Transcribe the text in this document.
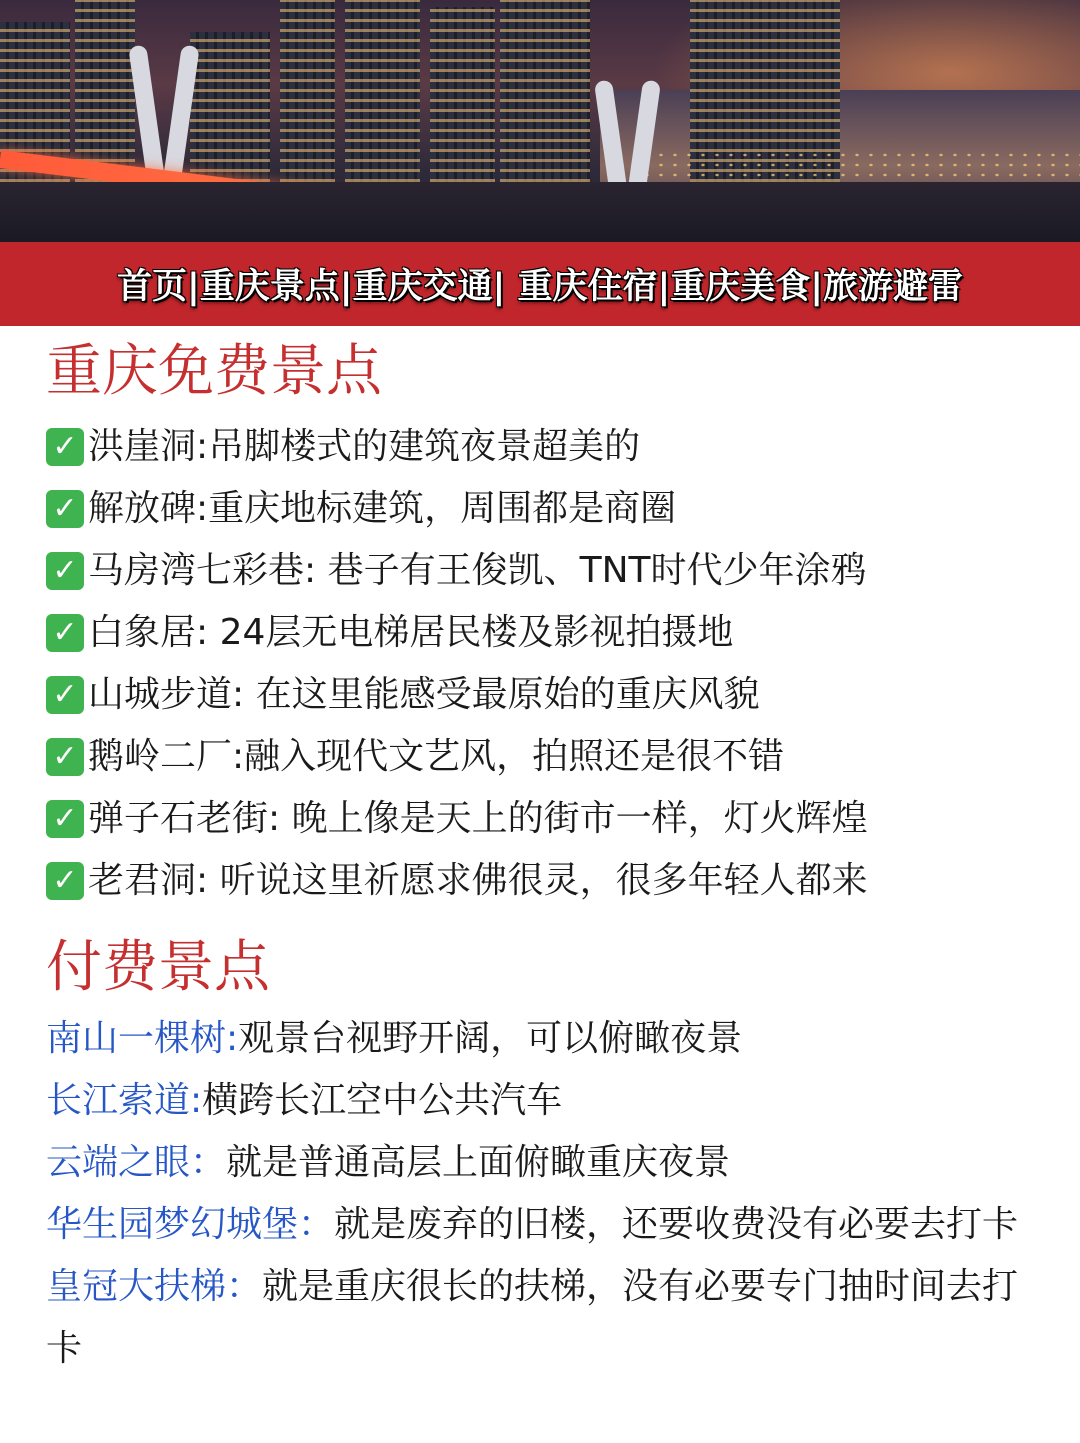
首页|重庆景点|重庆交通| 重庆住宿|重庆美食|旅游避雷
重庆免费景点
✓ 洪崖洞:吊脚楼式的建筑夜景超美的
✓ 解放碑:重庆地标建筑，周围都是商圈
✓ 马房湾七彩巷: 巷子有王俊凯、TNT时代少年涂鸦
✓ 白象居: 24层无电梯居民楼及影视拍摄地
✓ 山城步道: 在这里能感受最原始的重庆风貌
✓ 鹅岭二厂:融入现代文艺风，拍照还是很不错
✓ 弹子石老街: 晚上像是天上的街市一样，灯火辉煌
✓ 老君洞: 听说这里祈愿求佛很灵，很多年轻人都来
付费景点
南山一棵树:观景台视野开阔，可以俯瞰夜景
长江索道:横跨长江空中公共汽车
云端之眼：就是普通高层上面俯瞰重庆夜景
华生园梦幻城堡：就是废弃的旧楼，还要收费没有必要去打卡
皇冠大扶梯：就是重庆很长的扶梯，没有必要专门抽时间去打卡
